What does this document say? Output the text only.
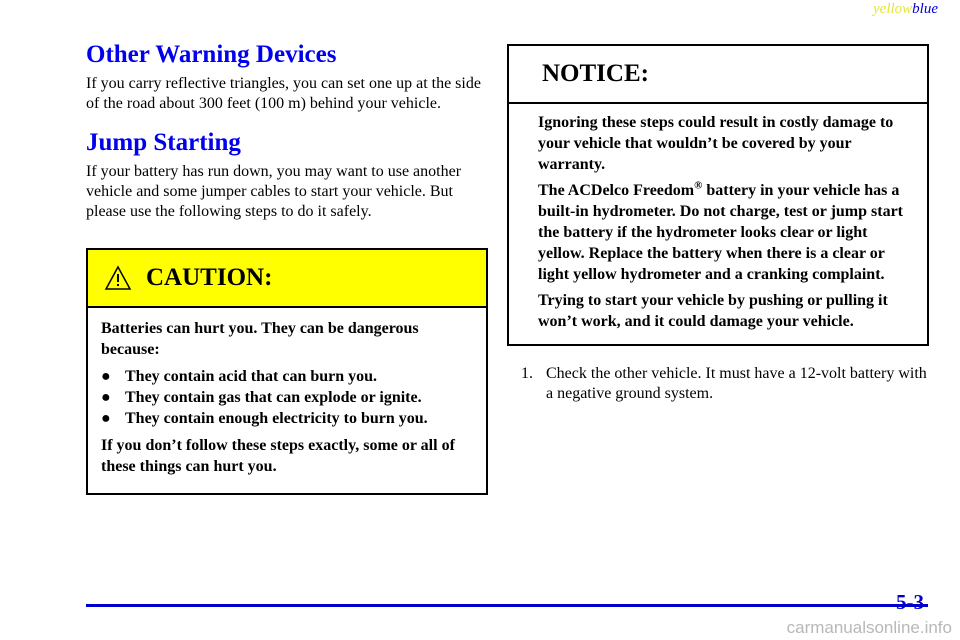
yellowblue
Other Warning Devices

If you carry reflective triangles, you can set one up at the side of the road about 300 feet (100 m) behind your vehicle.

Jump Starting

If your battery has run down, you may want to use another vehicle and some jumper cables to start your vehicle. But please use the following steps to do it safely.

CAUTION:

Batteries can hurt you. They can be dangerous because:

● They contain acid that can burn you.
● They contain gas that can explode or ignite.
● They contain enough electricity to burn you.

If you don’t follow these steps exactly, some or all of these things can hurt you.

NOTICE:

Ignoring these steps could result in costly damage to your vehicle that wouldn’t be covered by your warranty.

The ACDelco Freedom® battery in your vehicle has a built-in hydrometer. Do not charge, test or jump start the battery if the hydrometer looks clear or light yellow. Replace the battery when there is a clear or light yellow hydrometer and a cranking complaint.

Trying to start your vehicle by pushing or pulling it won’t work, and it could damage your vehicle.

1. Check the other vehicle. It must have a 12-volt battery with a negative ground system.
5-3
carmanualsonline.info
